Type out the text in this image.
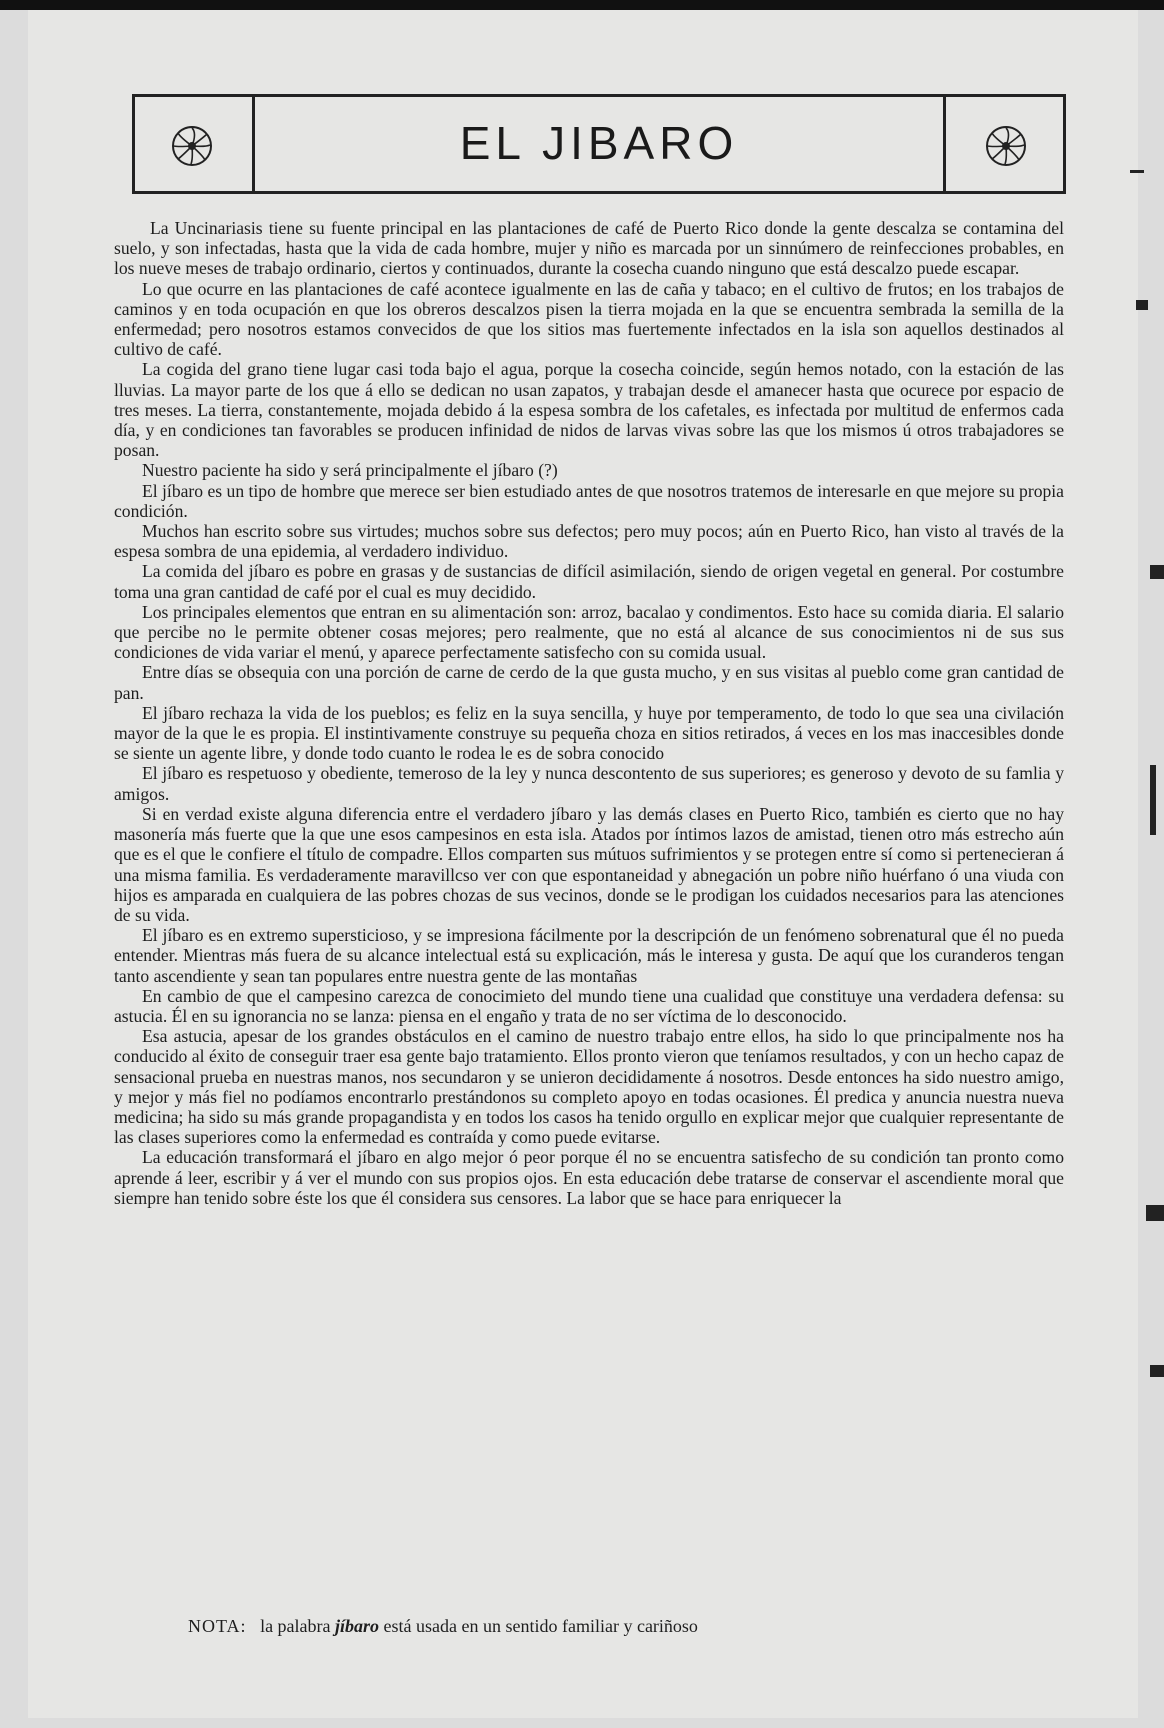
EL JIBARO

La Uncinariasis tiene su fuente principal en las plantaciones de café de Puerto Rico donde la gente descalza se contamina del suelo, y son infectadas, hasta que la vida de cada hombre, mujer y niño es marcada por un sinnúmero de reinfecciones probables, en los nueve meses de trabajo ordinario, ciertos y continuados, durante la cosecha cuando ninguno que está descalzo puede escapar.

Lo que ocurre en las plantaciones de café acontece igualmente en las de caña y tabaco; en el cultivo de frutos; en los trabajos de caminos y en toda ocupación en que los obreros descalzos pisen la tierra mojada en la que se encuentra sembrada la semilla de la enfermedad; pero nosotros estamos convecidos de que los sitios mas fuertemente infectados en la isla son aquellos destinados al cultivo de café.

La cogida del grano tiene lugar casi toda bajo el agua, porque la cosecha coincide, según hemos notado, con la estación de las lluvias. La mayor parte de los que á ello se dedican no usan zapatos, y trabajan desde el amanecer hasta que ocurece por espacio de tres meses. La tierra, constantemente, mojada debido á la espesa sombra de los cafetales, es infectada por multitud de enfermos cada día, y en condiciones tan favorables se producen infinidad de nidos de larvas vivas sobre las que los mismos ú otros trabajadores se posan.

Nuestro paciente ha sido y será principalmente el jíbaro (?)

El jíbaro es un tipo de hombre que merece ser bien estudiado antes de que nosotros tratemos de interesarle en que mejore su propia condición.

Muchos han escrito sobre sus virtudes; muchos sobre sus defectos; pero muy pocos; aún en Puerto Rico, han visto al través de la espesa sombra de una epidemia, al verdadero individuo.

La comida del jíbaro es pobre en grasas y de sustancias de difícil asimilación, siendo de origen vegetal en general. Por costumbre toma una gran cantidad de café por el cual es muy decidido.

Los principales elementos que entran en su alimentación son: arroz, bacalao y condimentos. Esto hace su comida diaria. El salario que percibe no le permite obtener cosas mejores; pero realmente, que no está al alcance de sus conocimientos ni de sus sus condiciones de vida variar el menú, y aparece perfectamente satisfecho con su comida usual.

Entre días se obsequia con una porción de carne de cerdo de la que gusta mucho, y en sus visitas al pueblo come gran cantidad de pan.

El jíbaro rechaza la vida de los pueblos; es feliz en la suya sencilla, y huye por temperamento, de todo lo que sea una civilación mayor de la que le es propia. El instintivamente construye su pequeña choza en sitios retirados, á veces en los mas inaccesibles donde se siente un agente libre, y donde todo cuanto le rodea le es de sobra conocido

El jíbaro es respetuoso y obediente, temeroso de la ley y nunca descontento de sus superiores; es generoso y devoto de su famlia y amigos.

Si en verdad existe alguna diferencia entre el verdadero jíbaro y las demás clases en Puerto Rico, también es cierto que no hay masonería más fuerte que la que une esos campesinos en esta isla. Atados por íntimos lazos de amistad, tienen otro más estrecho aún que es el que le confiere el título de compadre. Ellos comparten sus mútuos sufrimientos y se protegen entre sí como si pertenecieran á una misma familia. Es verdaderamente maravillcso ver con que espontaneidad y abnegación un pobre niño huérfano ó una viuda con hijos es amparada en cualquiera de las pobres chozas de sus vecinos, donde se le prodigan los cuidados necesarios para las atenciones de su vida.

El jíbaro es en extremo supersticioso, y se impresiona fácilmente por la descripción de un fenómeno sobrenatural que él no pueda entender. Mientras más fuera de su alcance intelectual está su explicación, más le interesa y gusta. De aquí que los curanderos tengan tanto ascendiente y sean tan populares entre nuestra gente de las montañas

En cambio de que el campesino carezca de conocimieto del mundo tiene una cualidad que constituye una verdadera defensa: su astucia. Él en su ignorancia no se lanza: piensa en el engaño y trata de no ser víctima de lo desconocido.

Esa astucia, apesar de los grandes obstáculos en el camino de nuestro trabajo entre ellos, ha sido lo que principalmente nos ha conducido al éxito de conseguir traer esa gente bajo tratamiento. Ellos pronto vieron que teníamos resultados, y con un hecho capaz de sensacional prueba en nuestras manos, nos secundaron y se unieron decididamente á nosotros. Desde entonces ha sido nuestro amigo, y mejor y más fiel no podíamos encontrarlo prestándonos su completo apoyo en todas ocasiones. Él predica y anuncia nuestra nueva medicina; ha sido su más grande propagandista y en todos los casos ha tenido orgullo en explicar mejor que cualquier representante de las clases superiores como la enfermedad es contraída y como puede evitarse.

La educación transformará el jíbaro en algo mejor ó peor porque él no se encuentra satisfecho de su condición tan pronto como aprende á leer, escribir y á ver el mundo con sus propios ojos. En esta educación debe tratarse de conservar el ascendiente moral que siempre han tenido sobre éste los que él considera sus censores. La labor que se hace para enriquecer la

NOTA: la palabra jíbaro está usada en un sentido familiar y cariñoso
